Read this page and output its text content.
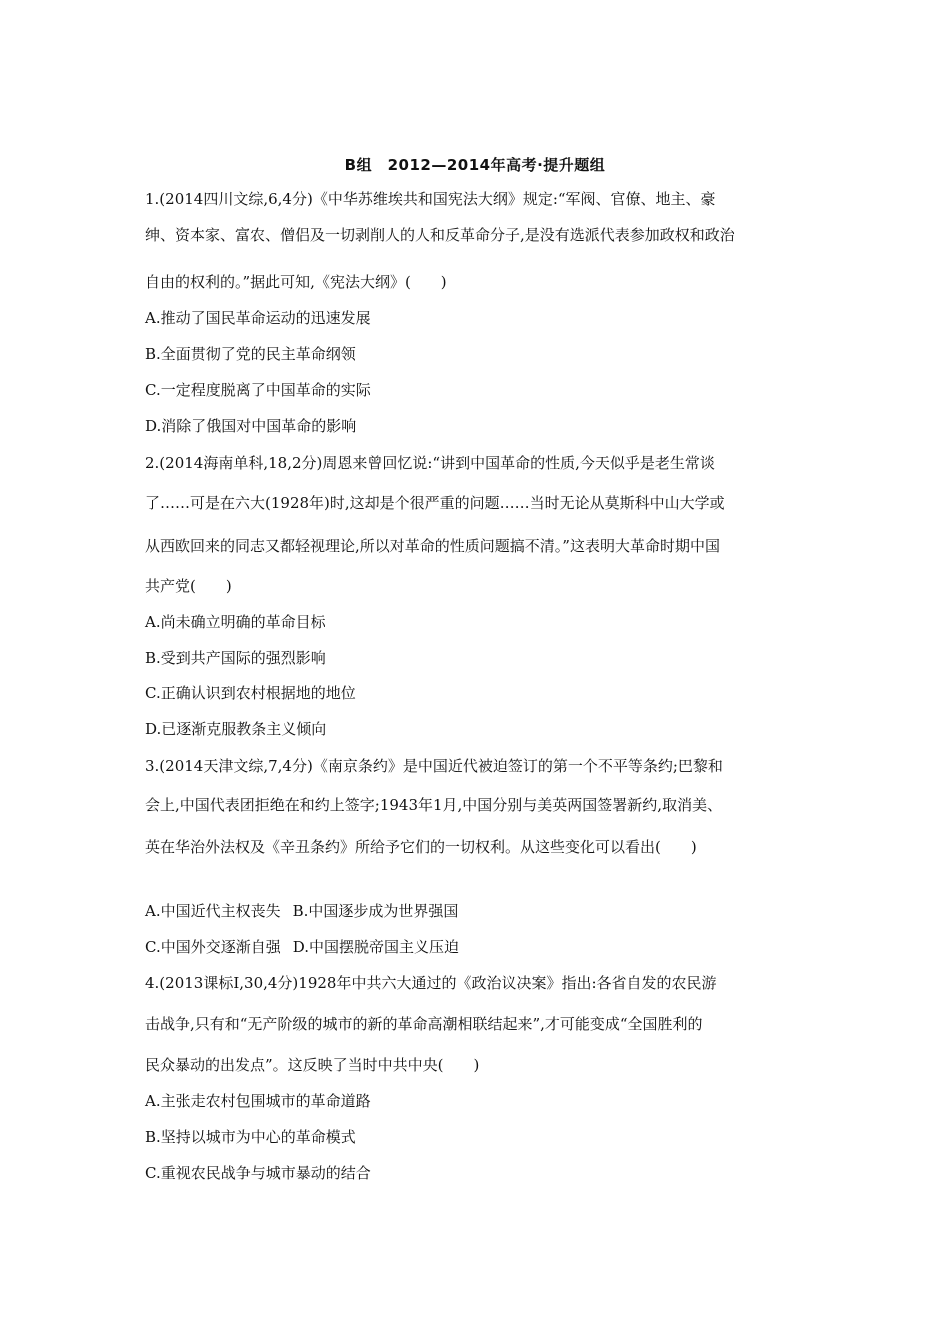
B组　2012—2014年高考·提升题组
1.(2014四川文综,6,4分)《中华苏维埃共和国宪法大纲》规定:“军阀、官僚、地主、豪
绅、资本家、富农、僧侣及一切剥削人的人和反革命分子,是没有选派代表参加政权和政治
自由的权利的。”据此可知,《宪法大纲》(　　)
A.推动了国民革命运动的迅速发展
B.全面贯彻了党的民主革命纲领
C.一定程度脱离了中国革命的实际
D.消除了俄国对中国革命的影响
2.(2014海南单科,18,2分)周恩来曾回忆说:“讲到中国革命的性质,今天似乎是老生常谈
了……可是在六大(1928年)时,这却是个很严重的问题……当时无论从莫斯科中山大学或
从西欧回来的同志又都轻视理论,所以对革命的性质问题搞不清。”这表明大革命时期中国
共产党(　　)
A.尚未确立明确的革命目标
B.受到共产国际的强烈影响
C.正确认识到农村根据地的地位
D.已逐渐克服教条主义倾向
3.(2014天津文综,7,4分)《南京条约》是中国近代被迫签订的第一个不平等条约;巴黎和
会上,中国代表团拒绝在和约上签字;1943年1月,中国分别与美英两国签署新约,取消美、
英在华治外法权及《辛丑条约》所给予它们的一切权利。从这些变化可以看出(　　)
A.中国近代主权丧失 B.中国逐步成为世界强国
C.中国外交逐渐自强 D.中国摆脱帝国主义压迫
4.(2013课标Ⅰ,30,4分)1928年中共六大通过的《政治议决案》指出:各省自发的农民游
击战争,只有和“无产阶级的城市的新的革命高潮相联结起来”,才可能变成“全国胜利的
民众暴动的出发点”。这反映了当时中共中央(　　)
A.主张走农村包围城市的革命道路
B.坚持以城市为中心的革命模式
C.重视农民战争与城市暴动的结合
